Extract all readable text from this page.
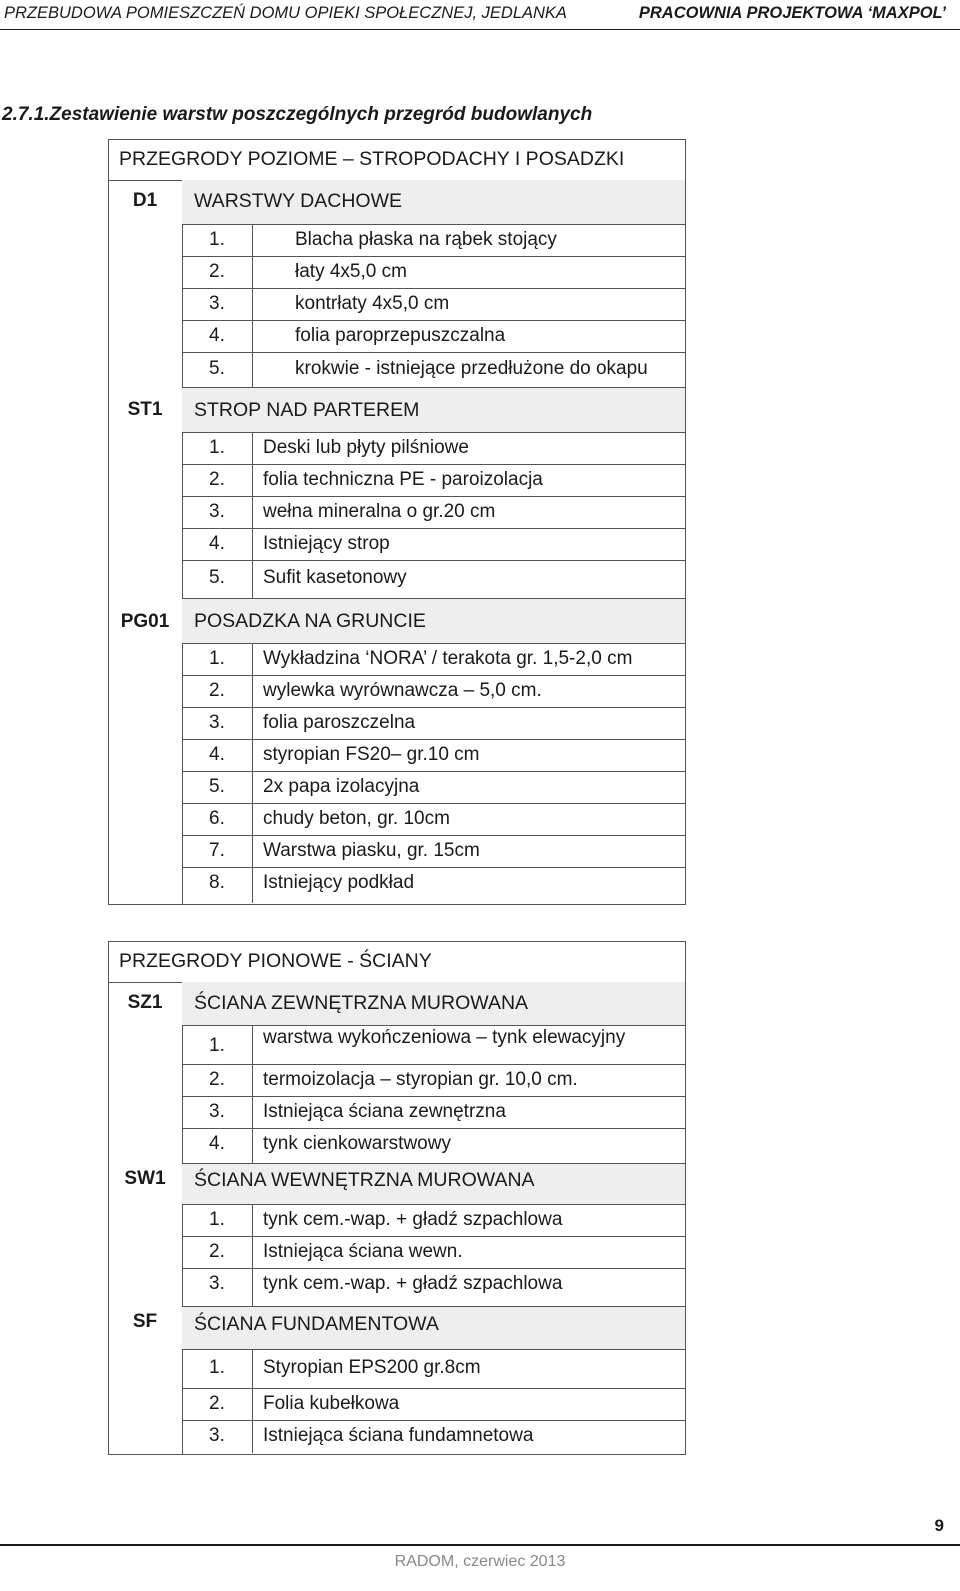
PRZEBUDOWA POMIESZCZEŃ DOMU OPIEKI SPOŁECZNEJ, JEDLANKA	PRACOWNIA PROJEKTOWA ‘MAXPOL’
2.7.1.Zestawienie warstw poszczególnych przegród budowlanych
PRZEGRODY POZIOME – STROPODACHY I POSADZKI
D1	WARSTWY DACHOWE
1.	Blacha płaska na rąbek stojący
2.	łaty 4x5,0 cm
3.	kontrłaty 4x5,0 cm
4.	folia paroprzepuszczalna
5.	krokwie - istniejące przedłużone do okapu
ST1	STROP NAD PARTEREM
1. Deski lub płyty pilśniowe
2. folia techniczna PE - paroizolacja
3. wełna mineralna o gr.20 cm
4. Istniejący strop
5. Sufit kasetonowy
PG01	POSADZKA NA GRUNCIE
1. Wykładzina ‘NORA’ / terakota gr. 1,5-2,0 cm
2. wylewka wyrównawcza – 5,0 cm.
3. folia paroszczelna
4. styropian FS20– gr.10 cm
5. 2x papa izolacyjna
6. chudy beton, gr. 10cm
7. Warstwa piasku, gr. 15cm
8. Istniejący podkład
PRZEGRODY PIONOWE - ŚCIANY
SZ1	ŚCIANA ZEWNĘTRZNA MUROWANA
1. warstwa wykończeniowa – tynk elewacyjny
2. termoizolacja – styropian gr. 10,0 cm.
3. Istniejąca ściana zewnętrzna
4. tynk cienkowarstwowy
SW1	ŚCIANA WEWNĘTRZNA MUROWANA
1. tynk cem.-wap. + gładź szpachlowa
2. Istniejąca ściana wewn.
3. tynk cem.-wap. + gładź szpachlowa
SF	ŚCIANA FUNDAMENTOWA
1. Styropian EPS200 gr.8cm
2. Folia kubełkowa
3. Istniejąca ściana fundamnetowa
9
RADOM, czerwiec 2013
